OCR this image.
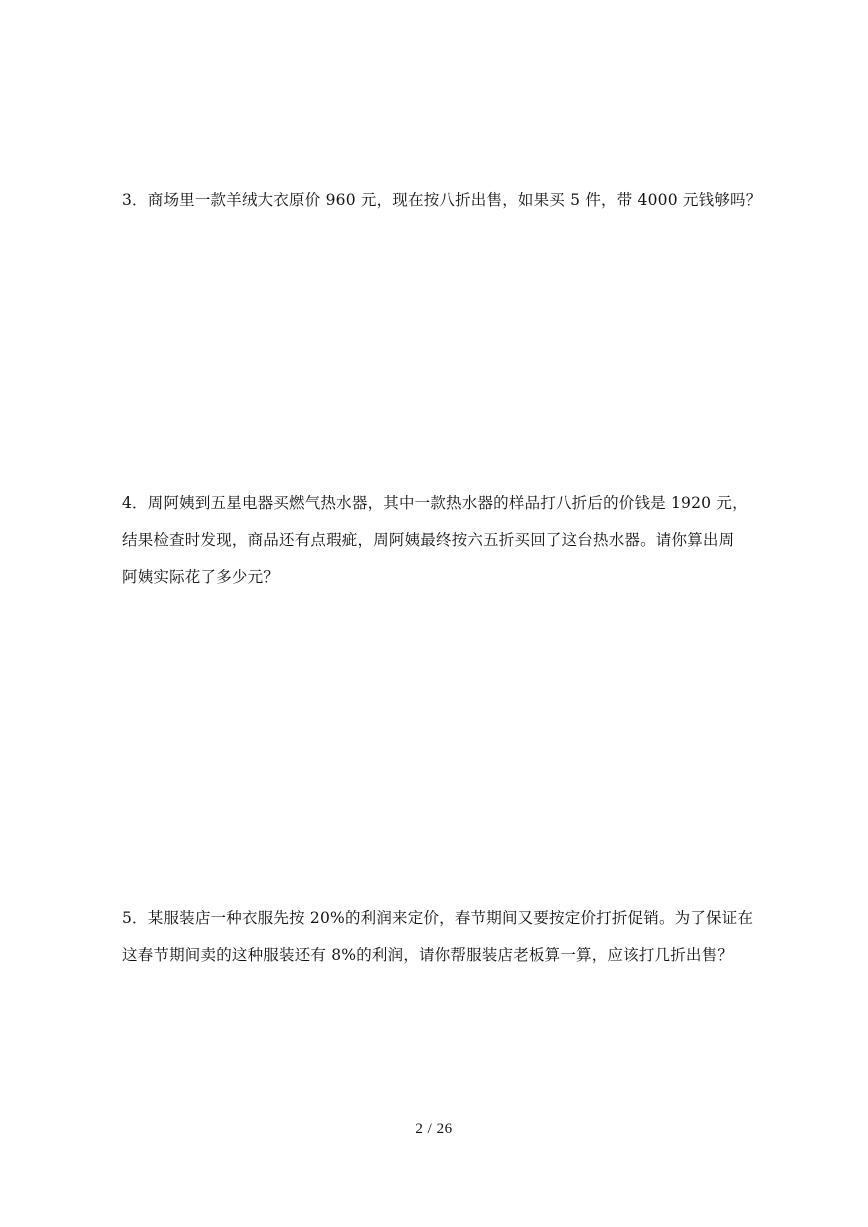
3．商场里一款羊绒大衣原价 960 元，现在按八折出售，如果买 5 件，带 4000 元钱够吗？
4．周阿姨到五星电器买燃气热水器，其中一款热水器的样品打八折后的价钱是 1920 元，
结果检查时发现，商品还有点瑕疵，周阿姨最终按六五折买回了这台热水器。请你算出周
阿姨实际花了多少元？
5．某服装店一种衣服先按 20%的利润来定价，春节期间又要按定价打折促销。为了保证在
这春节期间卖的这种服装还有 8%的利润，请你帮服装店老板算一算，应该打几折出售？
2 / 26
